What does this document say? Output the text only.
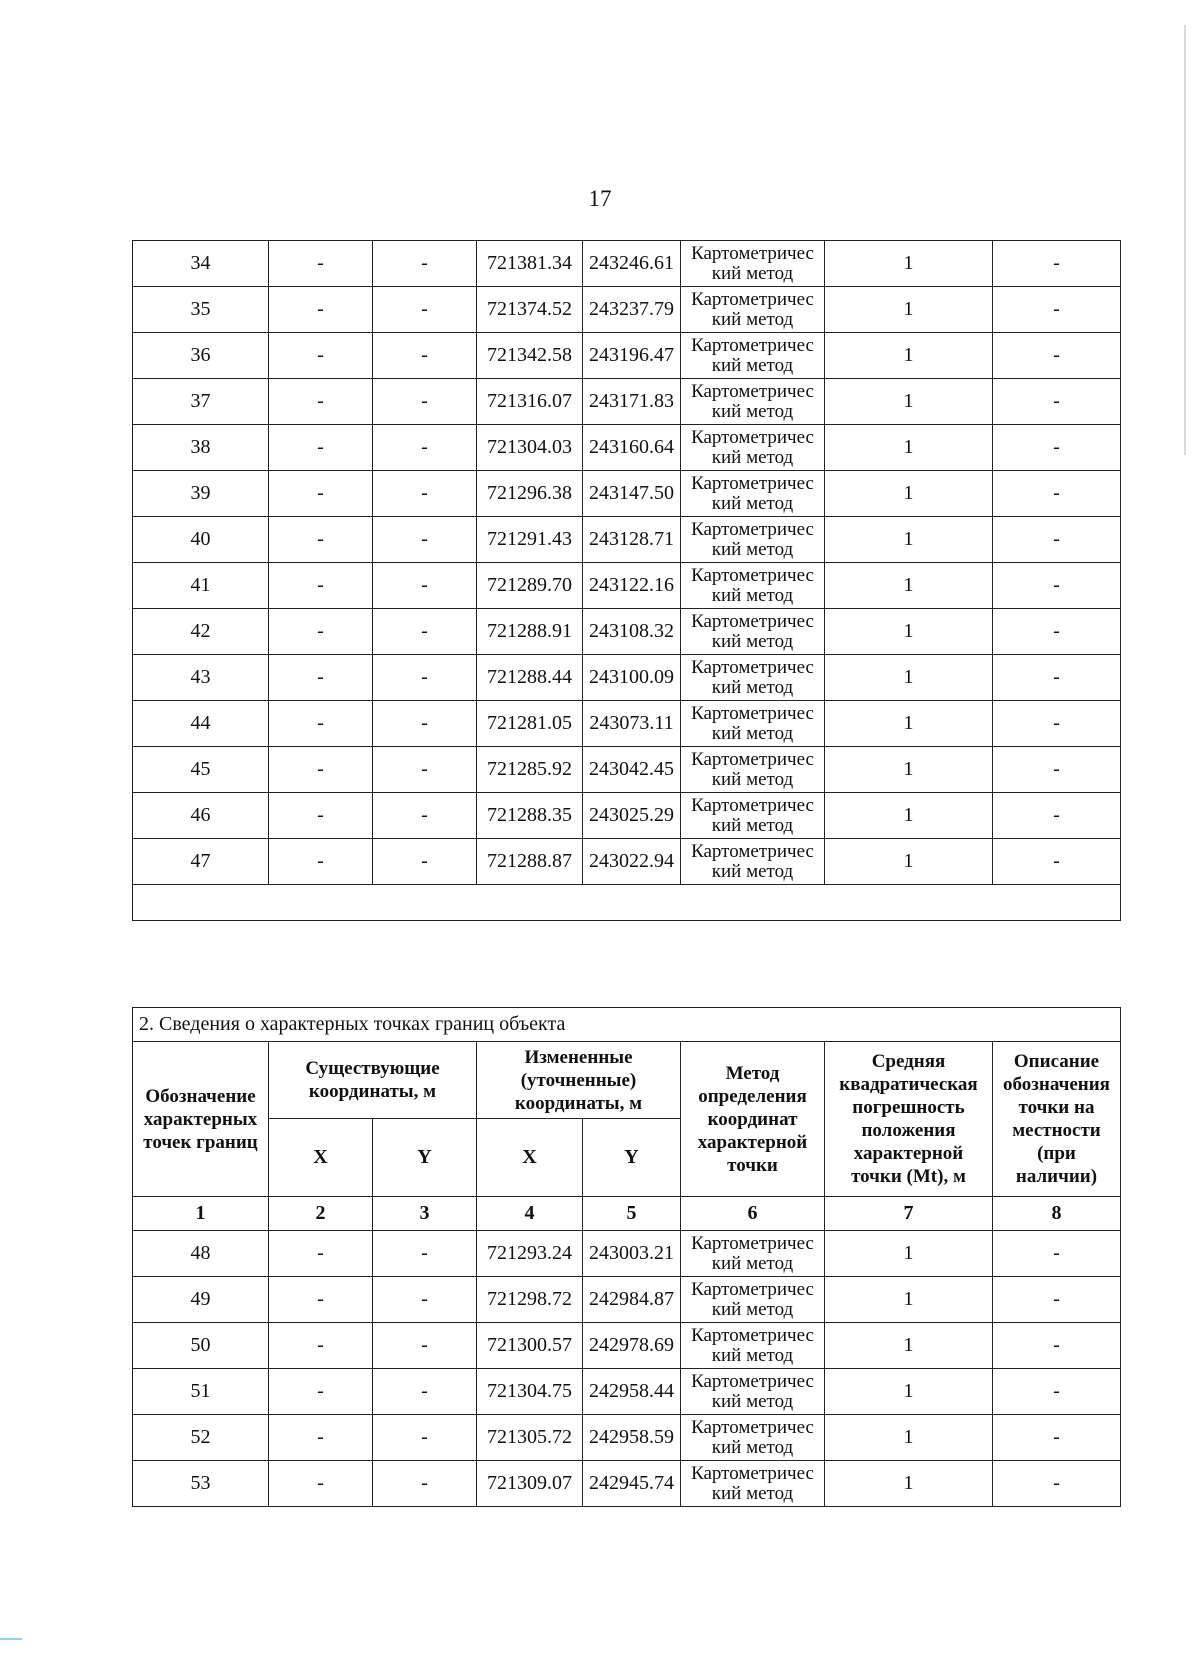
17
34	-	-	721381.34	243246.61	Картометричес кий метод	1	-
35	-	-	721374.52	243237.79	Картометричес кий метод	1	-
36	-	-	721342.58	243196.47	Картометричес кий метод	1	-
37	-	-	721316.07	243171.83	Картометричес кий метод	1	-
38	-	-	721304.03	243160.64	Картометричес кий метод	1	-
39	-	-	721296.38	243147.50	Картометричес кий метод	1	-
40	-	-	721291.43	243128.71	Картометричес кий метод	1	-
41	-	-	721289.70	243122.16	Картометричес кий метод	1	-
42	-	-	721288.91	243108.32	Картометричес кий метод	1	-
43	-	-	721288.44	243100.09	Картометричес кий метод	1	-
44	-	-	721281.05	243073.11	Картометричес кий метод	1	-
45	-	-	721285.92	243042.45	Картометричес кий метод	1	-
46	-	-	721288.35	243025.29	Картометричес кий метод	1	-
47	-	-	721288.87	243022.94	Картометричес кий метод	1	-

2. Сведения о характерных точках границ объекта							
Обозначение характерных точек границ	Существующие координаты, м		Измененные (уточненные) координаты, м		Метод определения координат характерной точки	Средняя квадратическая погрешность положения характерной точки (Mt), м	Описание обозначения точки на местности (при наличии)
	X	Y	X	Y			
1	2	3	4	5	6	7	8
48	-	-	721293.24	243003.21	Картометричес кий метод	1	-
49	-	-	721298.72	242984.87	Картометричес кий метод	1	-
50	-	-	721300.57	242978.69	Картометричес кий метод	1	-
51	-	-	721304.75	242958.44	Картометричес кий метод	1	-
52	-	-	721305.72	242958.59	Картометричес кий метод	1	-
53	-	-	721309.07	242945.74	Картометричес кий метод	1	-
